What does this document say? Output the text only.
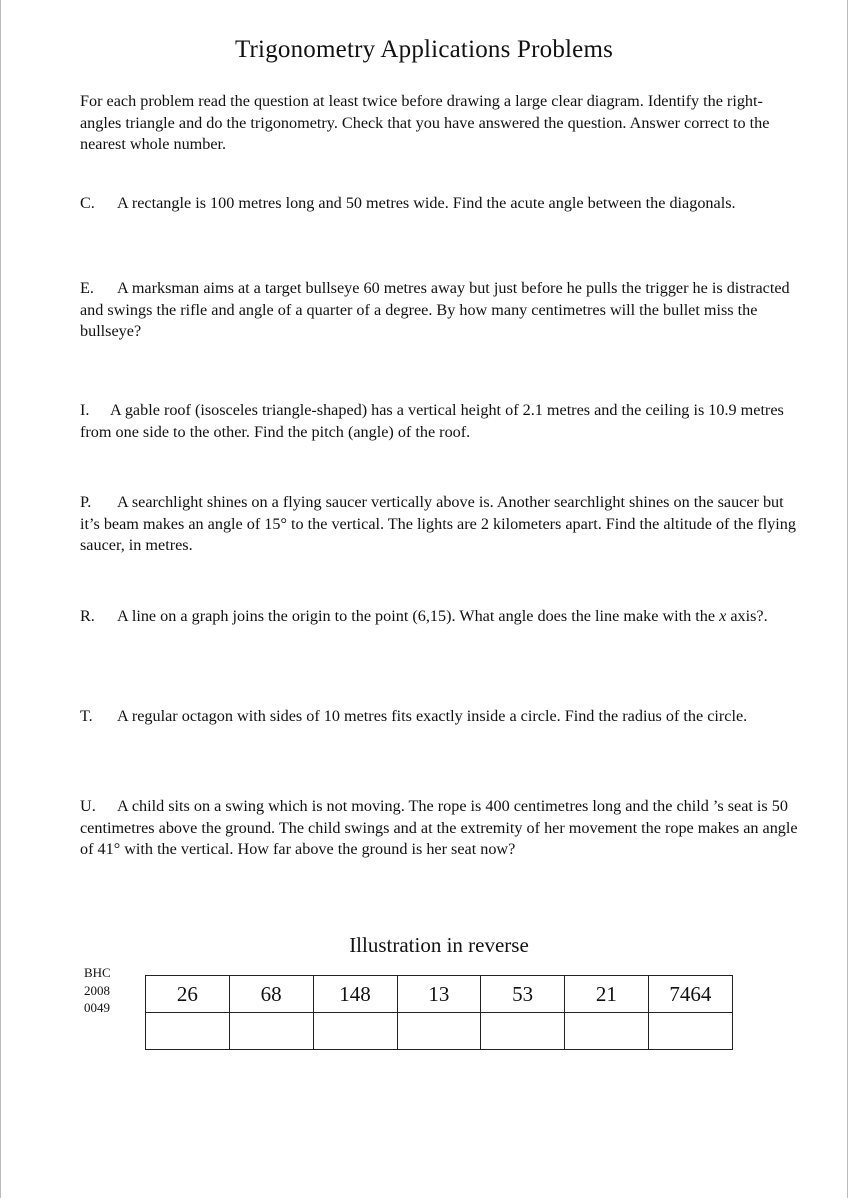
Trigonometry Applications Problems

For each problem read the question at least twice before drawing a large clear diagram. Identify the right-angles triangle and do the trigonometry. Check that you have answered the question. Answer correct to the nearest whole number.

C. A rectangle is 100 metres long and 50 metres wide. Find the acute angle between the diagonals.

E. A marksman aims at a target bullseye 60 metres away but just before he pulls the trigger he is distracted and swings the rifle and angle of a quarter of a degree. By how many centimetres will the bullet miss the bullseye?

I. A gable roof (isosceles triangle-shaped) has a vertical height of 2.1 metres and the ceiling is 10.9 metres from one side to the other. Find the pitch (angle) of the roof.

P. A searchlight shines on a flying saucer vertically above is. Another searchlight shines on the saucer but it’s beam makes an angle of 15° to the vertical. The lights are 2 kilometers apart. Find the altitude of the flying saucer, in metres.

R. A line on a graph joins the origin to the point (6,15). What angle does the line make with the x axis?.

T. A regular octagon with sides of 10 metres fits exactly inside a circle. Find the radius of the circle.

U. A child sits on a swing which is not moving. The rope is 400 centimetres long and the child ’s seat is 50 centimetres above the ground. The child swings and at the extremity of her movement the rope makes an angle of 41° with the vertical. How far above the ground is her seat now?

Illustration in reverse
BHC
2008
0049
26	68	148	13	53	21	7464
